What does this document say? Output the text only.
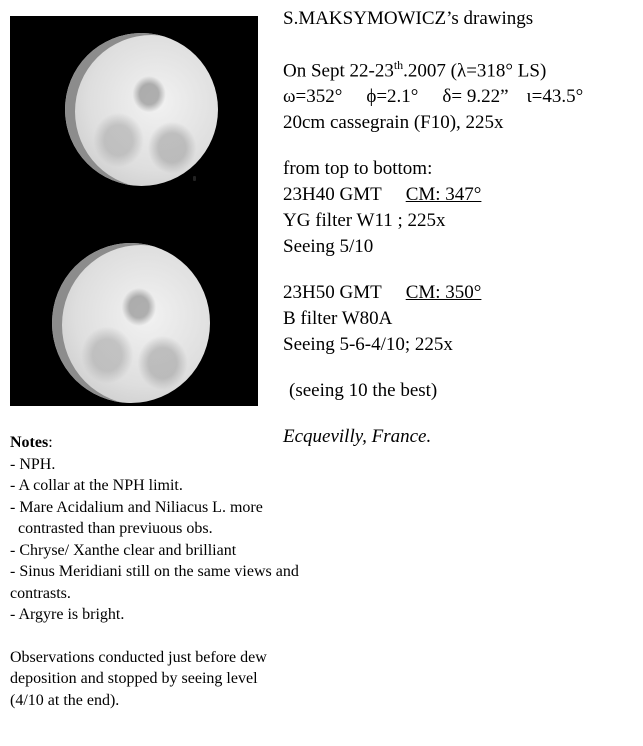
S.MAKSYMOWICZ’s drawings
On Sept 22-23th.2007 (λ=318° LS)
ω=352° ϕ=2.1° δ= 9.22” ι=43.5°
20cm cassegrain (F10), 225x
from top to bottom:
23H40 GMT CM: 347°
YG filter W11 ; 225x
Seeing 5/10
23H50 GMT CM: 350°
B filter W80A
Seeing 5-6-4/10; 225x
(seeing 10 the best)
Ecquevilly, France.
Notes:
- NPH.
- A collar at the NPH limit.
- Mare Acidalium and Niliacus L. more
contrasted than previuous obs.
- Chryse/ Xanthe clear and brilliant
- Sinus Meridiani still on the same views and
contrasts.
- Argyre is bright.
Observations conducted just before dew
deposition and stopped by seeing level
(4/10 at the end).
